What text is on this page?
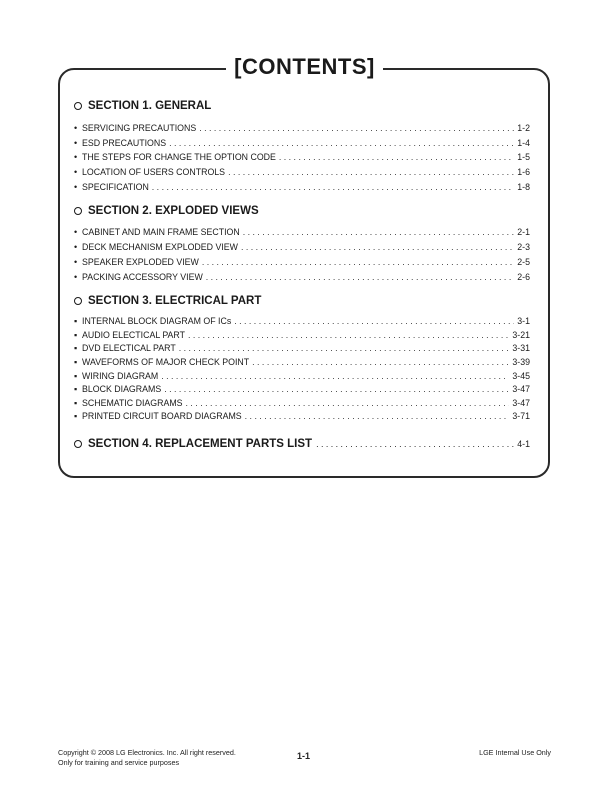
[CONTENTS]
SECTION 1. GENERAL
• SERVICING PRECAUTIONS . . .	1-2
• ESD PRECAUTIONS . . .	1-4
• THE STEPS FOR CHANGE THE OPTION CODE . . .	1-5
• LOCATION OF USERS CONTROLS . . .	1-6
• SPECIFICATION . . .	1-8
SECTION 2. EXPLODED VIEWS
• CABINET AND MAIN FRAME SECTION . . .	2-1
• DECK MECHANISM EXPLODED VIEW . . .	2-3
• SPEAKER EXPLODED VIEW . . .	2-5
• PACKING ACCESSORY VIEW . . .	2-6
SECTION 3. ELECTRICAL PART
▪ INTERNAL BLOCK DIAGRAM OF ICs . . .	3-1
▪ AUDIO ELECTICAL PART . . .	3-21
▪ DVD ELECTICAL PART . . .	3-31
▪ WAVEFORMS OF MAJOR CHECK POINT . . .	3-39
▪ WIRING DIAGRAM . . .	3-45
▪ BLOCK DIAGRAMS . . .	3-47
▪ SCHEMATIC DIAGRAMS . . .	3-47
▪ PRINTED CIRCUIT BOARD DIAGRAMS . . .	3-71
SECTION 4. REPLACEMENT PARTS LIST . . .	4-1
Copyright © 2008 LG Electronics. Inc. All right reserved.
Only for training and service purposes
1-1	LGE Internal Use Only
